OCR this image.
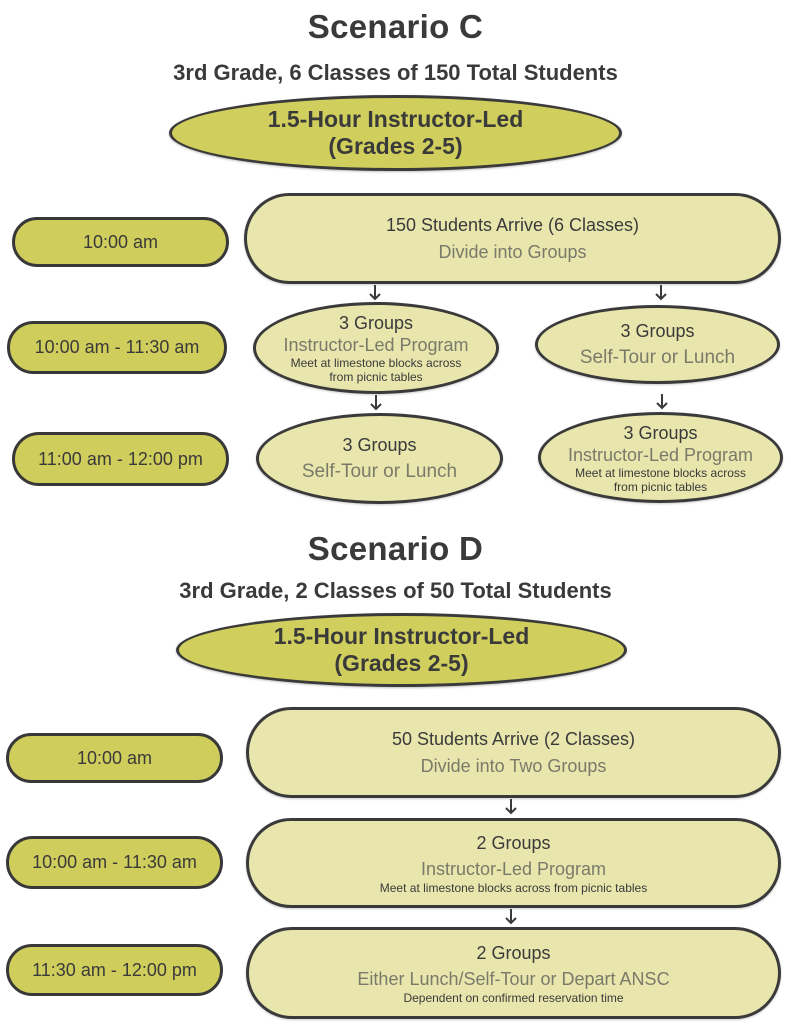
Scenario C
3rd Grade, 6 Classes of 150 Total Students
1.5-Hour Instructor-Led
(Grades 2-5)
10:00 am
150 Students Arrive (6 Classes)
Divide into Groups
10:00 am - 11:30 am
3 Groups
Instructor-Led Program
Meet at limestone blocks across from picnic tables
3 Groups
Self-Tour or Lunch
11:00 am - 12:00 pm
3 Groups
Self-Tour or Lunch
3 Groups
Instructor-Led Program
Meet at limestone blocks across from picnic tables
Scenario D
3rd Grade, 2 Classes of 50 Total Students
1.5-Hour Instructor-Led
(Grades 2-5)
10:00 am
50 Students Arrive (2 Classes)
Divide into Two Groups
10:00 am - 11:30 am
2 Groups
Instructor-Led Program
Meet at limestone blocks across from picnic tables
11:30 am - 12:00 pm
2 Groups
Either Lunch/Self-Tour or Depart ANSC
Dependent on confirmed reservation time
